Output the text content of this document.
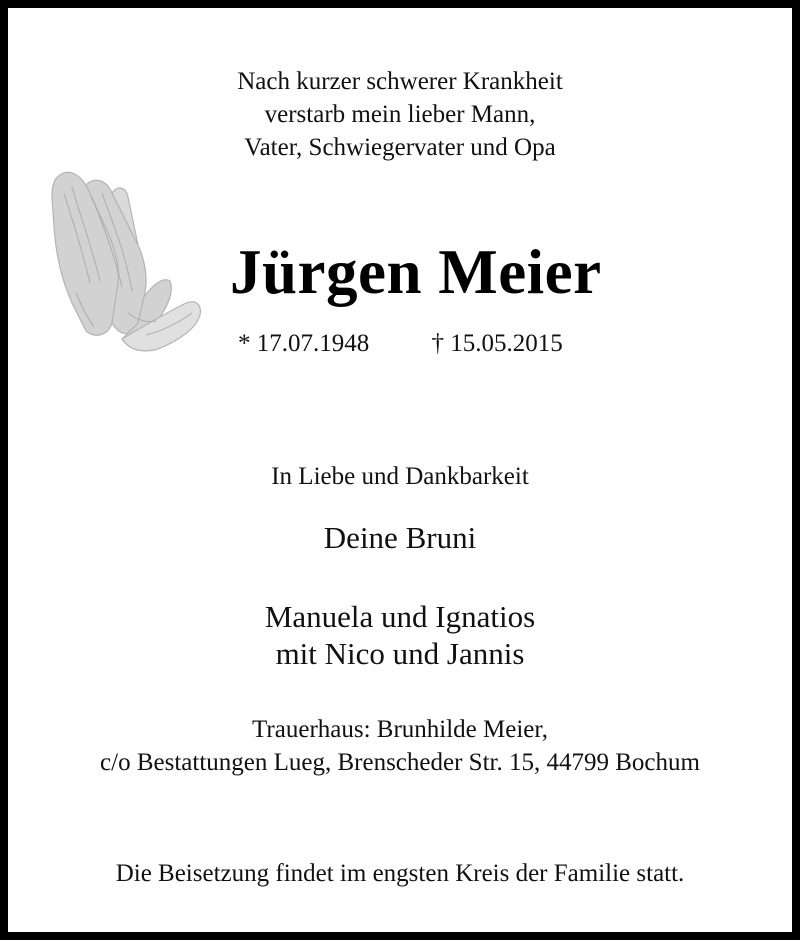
Nach kurzer schwerer Krankheit
verstarb mein lieber Mann,
Vater, Schwiegervater und Opa
Jürgen Meier
* 17.07.1948 † 15.05.2015
In Liebe und Dankbarkeit
Deine Bruni
Manuela und Ignatios
mit Nico und Jannis
Trauerhaus: Brunhilde Meier,
c/o Bestattungen Lueg, Brenscheder Str. 15, 44799 Bochum
Die Beisetzung findet im engsten Kreis der Familie statt.
